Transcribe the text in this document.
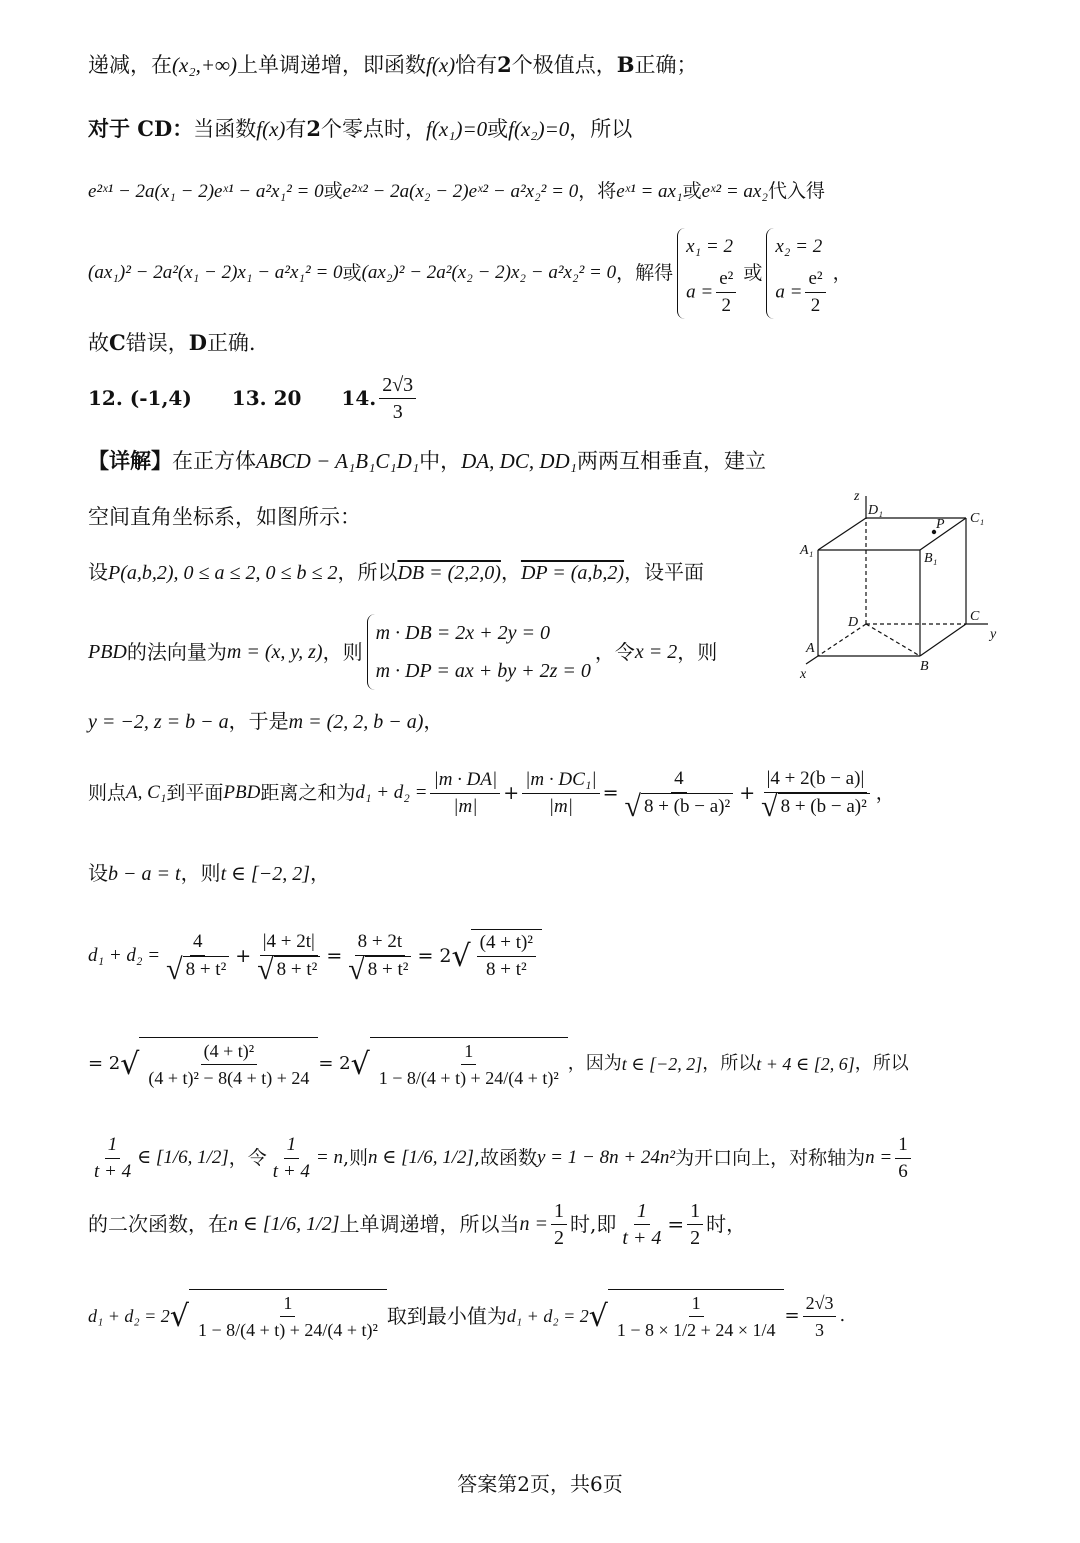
递减，在(x₂,+∞)上单调递增，即函数f(x)恰有2个极值点，B正确；
对于 CD：当函数f(x)有2个零点时，f(x₁)=0或f(x₂)=0，所以
e²ˣ¹ − 2a(x₁ − 2)eˣ¹ − a²x₁² = 0或e²ˣ² − 2a(x₂ − 2)eˣ² − a²x₂² = 0，将eˣ¹ = ax₁或eˣ² = ax₂代入得
(ax₁)² − 2a²(x₁ − 2)x₁ − a²x₁² = 0 或 (ax₂)² − 2a²(x₂ − 2)x₂ − a²x₂² = 0 ，解得
x₁ = 2
$a = \frac{\text{e²}}{2}$ 或
x₂ = 2
$a = \frac{\text{e²}}{2}$ ，
故C错误，D正确.
12.
(-1,4) 13.
20 14. $\frac{2√3}{3}$
【详解】在正方体ABCD − A₁B₁C₁D₁中，DA, DC, DD₁两两互相垂直，建立
空间直角坐标系，如图所示：
设P(a,b,2), 0 ≤ a ≤ 2, 0 ≤ b ≤ 2，所以DB = (2,2,0)，DP = (a,b,2)，设平面
PBD 的法向量为 m = (x, y, z) ，则
m · DB = 2x + 2y = 0
m · DP = ax + by + 2z = 0
，令 x = 2 ，则
y = −2, z = b − a，于是m = (2, 2, b − a)，
则点 A, C₁ 到平面 PBD 距离之和为 $d_1 + d_2 = \frac{|m \cdot DA|}{|m|} + \frac{\text{|m · DC₁|}}{|m|} = 4$
√ 8 + (b − a)² + |4 + 2(b − a)|
√ 8 + (b − a)² ，
设b − a = t，则t ∈ [−2, 2]，
d₁ + d₂ = 4
√ 8 + t² + |4 + 2t|
√ 8 + t² = 8 + 2t
√ 8 + t² = 2 √ $\frac{\text{(4 + t)²}}{\text{8 + t²}}$
= 2 √ $\frac{\text{(4 + t)²}}{\text{(4 + t)² − 8(4 + t) + 24}} = 2$ √ $\frac{1}{\text{1 − 8/(4 + t) + 24/(4 + t)²}}$ ，因为 t ∈ [−2, 2] ，所以 t + 4 ∈ [2, 6] ，所以
$\frac{1}{t + 4}$ ∈ [1/6, 1/2] ，令 $\frac{1}{t + 4} = n$ ,则 n ∈ [1/6, 1/2] ,故函数 y = 1 − 8n + 24n² 为开口向上，对称轴为 $n = \frac{1}{6}$
的二次函数，在 n ∈ [1/6, 1/2] 上单调递增，所以当 $n = \frac{1}{2}$ 时,即 $\frac{1}{t + 4} = \frac{1}{2}$ 时，
d₁ + d₂ = 2 √ $\frac{1}{\text{1 − 8/(4 + t) + 24/(4 + t)²}}$ 取到最小值为 d₁ + d₂ = 2 √ $\frac{1}{1 - 8 \times 1/2 + 24 \times 1/4} = \frac{2√3}{3}$ .
z
y
x
D₁
C₁
A₁
B₁
P
D	C
A
B
答案第2页，共6页
